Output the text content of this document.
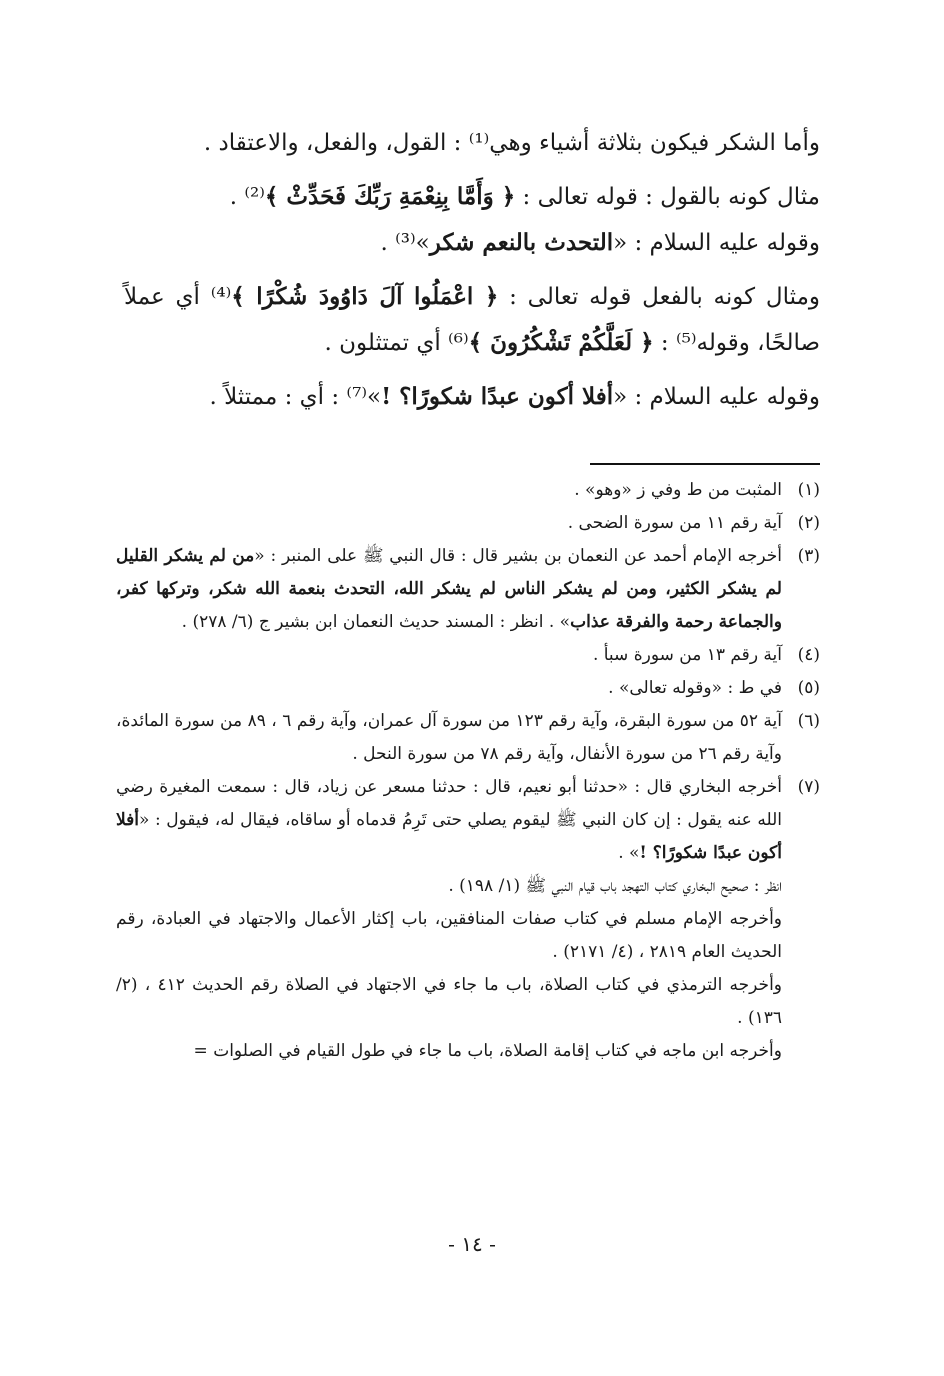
وأما الشكر فيكون بثلاثة أشياء وهي⁽¹⁾ : القول، والفعل، والاعتقاد .

مثال كونه بالقول : قوله تعالى : ﴿ وَأَمَّا بِنِعْمَةِ رَبِّكَ فَحَدِّثْ ﴾⁽²⁾ .

وقوله عليه السلام : «التحدث بالنعم شكر»⁽³⁾ .

ومثال كونه بالفعل قوله تعالى : ﴿ اعْمَلُوا آلَ دَاوُودَ شُكْرًا ﴾⁽⁴⁾ أي عملاً صالحًا، وقوله⁽⁵⁾ : ﴿ لَعَلَّكُمْ تَشْكُرُونَ ﴾⁽⁶⁾ أي تمتثلون .

وقوله عليه السلام : «أفلا أكون عبدًا شكورًا؟ !»⁽⁷⁾ : أي : ممتثلاً .

(١)
المثبت من ط وفي ز «وهو» .
(٢)
آية رقم ١١ من سورة الضحى .
(٣)
أخرجه الإمام أحمد عن النعمان بن بشير قال : قال النبي ﷺ على المنبر : «من لم يشكر القليل لم يشكر الكثير، ومن لم يشكر الناس لم يشكر الله، التحدث بنعمة الله شكر، وتركها كفر، والجماعة رحمة والفرقة عذاب» . انظر : المسند حديث النعمان ابن بشير ج (٦/ ٢٧٨) .
(٤)
آية رقم ١٣ من سورة سبأ .
(٥)
في ط : «وقوله تعالى» .
(٦)
آية ٥٢ من سورة البقرة، وآية رقم ١٢٣ من سورة آل عمران، وآية رقم ٦ ، ٨٩ من سورة المائدة، وآية رقم ٢٦ من سورة الأنفال، وآية رقم ٧٨ من سورة النحل .
(٧)
أخرجه البخاري قال : «حدثنا أبو نعيم، قال : حدثنا مسعر عن زياد، قال : سمعت المغيرة رضي الله عنه يقول : إن كان النبي ﷺ ليقوم يصلي حتى تَرِمُ قدماه أو ساقاه، فيقال له، فيقول : «أفلا أكون عبدًا شكورًا؟ !» .
انظر : صحيح البخاري كتاب التهجد باب قيام النبي ﷺ (١/ ١٩٨) .
وأخرجه الإمام مسلم في كتاب صفات المنافقين، باب إكثار الأعمال والاجتهاد في العبادة، رقم الحديث العام ٢٨١٩ ، (٤/ ٢١٧١) .
وأخرجه الترمذي في كتاب الصلاة، باب ما جاء في الاجتهاد في الصلاة رقم الحديث ٤١٢ ، (٢/ ١٣٦) .
وأخرجه ابن ماجه في كتاب إقامة الصلاة، باب ما جاء في طول القيام في الصلوات =
- ١٤ -
